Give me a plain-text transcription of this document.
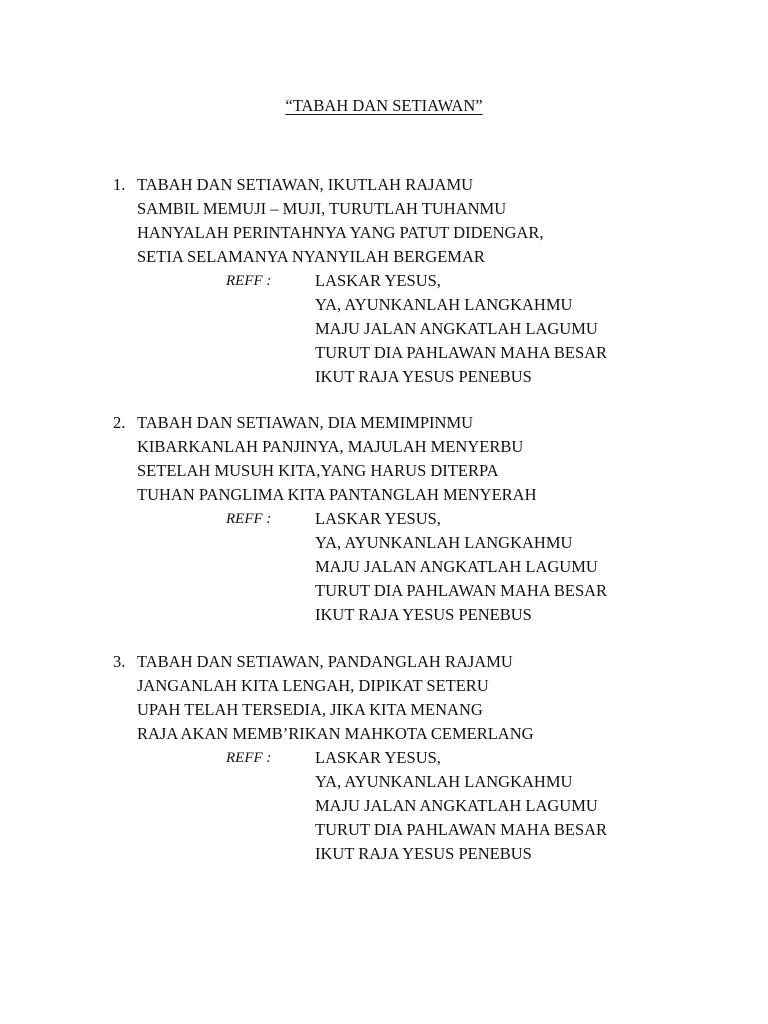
“TABAH DAN SETIAWAN”
1. TABAH DAN SETIAWAN, IKUTLAH RAJAMU
SAMBIL MEMUJI – MUJI, TURUTLAH TUHANMU
HANYALAH PERINTAHNYA YANG PATUT DIDENGAR,
SETIA SELAMANYA NYANYILAH BERGEMAR
REFF :	LASKAR YESUS,
YA, AYUNKANLAH LANGKAHMU
MAJU JALAN ANGKATLAH LAGUMU
TURUT DIA PAHLAWAN MAHA BESAR
IKUT RAJA YESUS PENEBUS
2. TABAH DAN SETIAWAN, DIA MEMIMPINMU
KIBARKANLAH PANJINYA, MAJULAH MENYERBU
SETELAH MUSUH KITA,YANG HARUS DITERPA
TUHAN PANGLIMA KITA PANTANGLAH MENYERAH
REFF :	LASKAR YESUS,
YA, AYUNKANLAH LANGKAHMU
MAJU JALAN ANGKATLAH LAGUMU
TURUT DIA PAHLAWAN MAHA BESAR
IKUT RAJA YESUS PENEBUS
3. TABAH DAN SETIAWAN, PANDANGLAH RAJAMU
JANGANLAH KITA LENGAH, DIPIKAT SETERU
UPAH TELAH TERSEDIA, JIKA KITA MENANG
RAJA AKAN MEMB’RIKAN MAHKOTA CEMERLANG
REFF :	LASKAR YESUS,
YA, AYUNKANLAH LANGKAHMU
MAJU JALAN ANGKATLAH LAGUMU
TURUT DIA PAHLAWAN MAHA BESAR
IKUT RAJA YESUS PENEBUS
